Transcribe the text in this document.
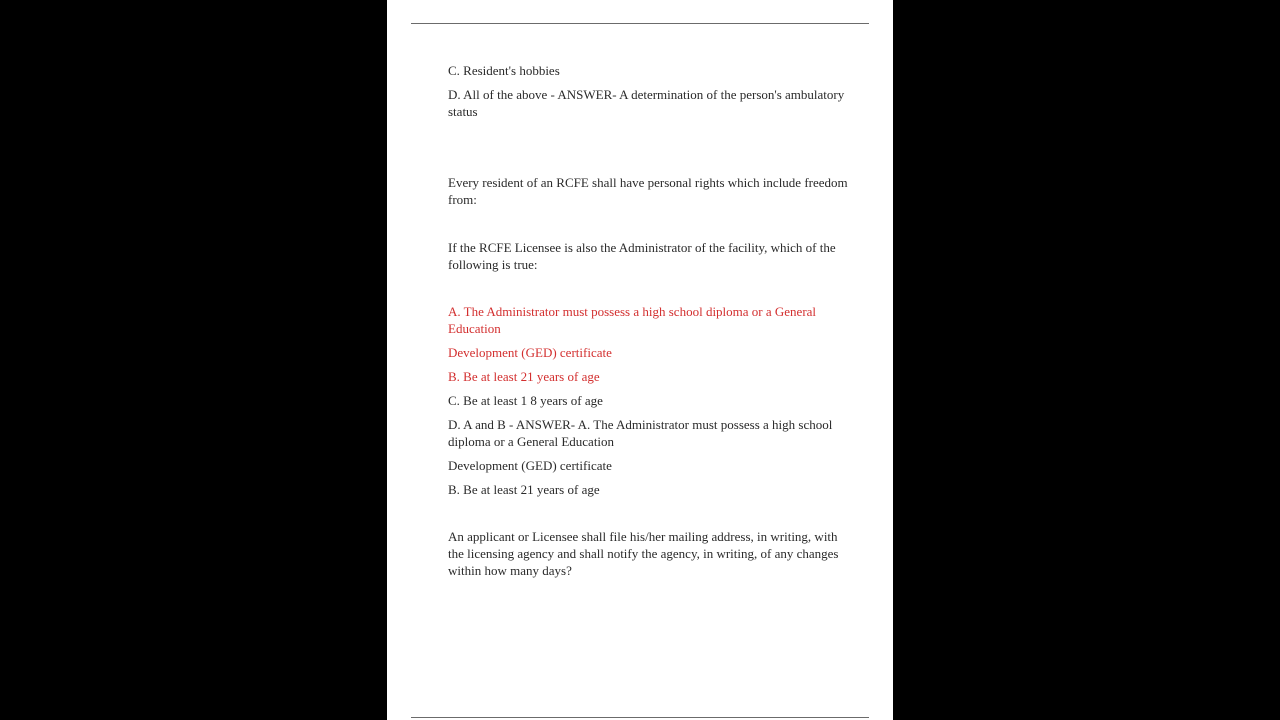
C. Resident's hobbies

D. All of the above - ANSWER- A determination of the person's ambulatory status

Every resident of an RCFE shall have personal rights which include freedom from:

If the RCFE Licensee is also the Administrator of the facility, which of the following is true:

A. The Administrator must possess a high school diploma or a General Education

Development (GED) certificate

B. Be at least 21 years of age

C. Be at least 1 8 years of age

D. A and B - ANSWER- A. The Administrator must possess a high school diploma or a General Education

Development (GED) certificate

B. Be at least 21 years of age

An applicant or Licensee shall file his/her mailing address, in writing, with the licensing agency and shall notify the agency, in writing, of any changes within how many days?
